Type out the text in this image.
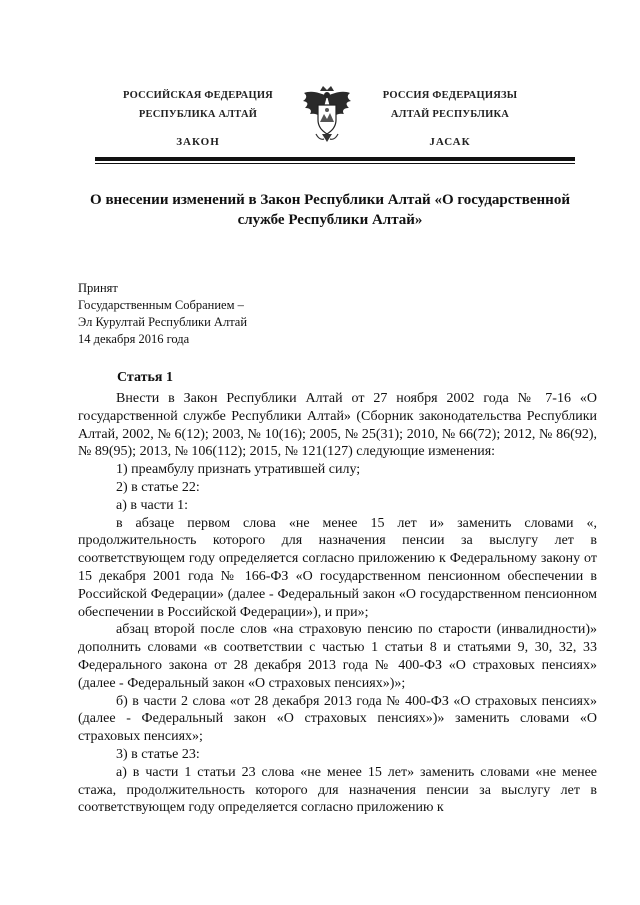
РОССИЙСКАЯ ФЕДЕРАЦИЯ
РЕСПУБЛИКА АЛТАЙ
ЗАКОН
РОССИЯ ФЕДЕРАЦИЯЗЫ
АЛТАЙ РЕСПУБЛИКА
JАСАК
О внесении изменений в Закон Республики Алтай «О государственной
службе Республики Алтай»
Принят
Государственным Собранием –
Эл Курултай Республики Алтай
14 декабря 2016 года
Статья 1

Внести в Закон Республики Алтай от 27 ноября 2002 года № 7-16 «О государственной службе Республики Алтай» (Сборник законодательства Республики Алтай, 2002, № 6(12); 2003, № 10(16); 2005, № 25(31); 2010, № 66(72); 2012, № 86(92), № 89(95); 2013, № 106(112); 2015, № 121(127) следующие изменения:

1) преамбулу признать утратившей силу;

2) в статье 22:

а) в части 1:

в абзаце первом слова «не менее 15 лет и» заменить словами «, продолжительность которого для назначения пенсии за выслугу лет в соответствующем году определяется согласно приложению к Федеральному закону от 15 декабря 2001 года № 166-ФЗ «О государственном пенсионном обеспечении в Российской Федерации» (далее - Федеральный закон «О государственном пенсионном обеспечении в Российской Федерации»), и при»;

абзац второй после слов «на страховую пенсию по старости (инвалидности)» дополнить словами «в соответствии с частью 1 статьи 8 и статьями 9, 30, 32, 33 Федерального закона от 28 декабря 2013 года № 400-ФЗ «О страховых пенсиях» (далее - Федеральный закон «О страховых пенсиях»)»;

б) в части 2 слова «от 28 декабря 2013 года № 400-ФЗ «О страховых пенсиях» (далее - Федеральный закон «О страховых пенсиях»)» заменить словами «О страховых пенсиях»;

3) в статье 23:

а) в части 1 статьи 23 слова «не менее 15 лет» заменить словами «не менее стажа, продолжительность которого для назначения пенсии за выслугу лет в соответствующем году определяется согласно приложению к
